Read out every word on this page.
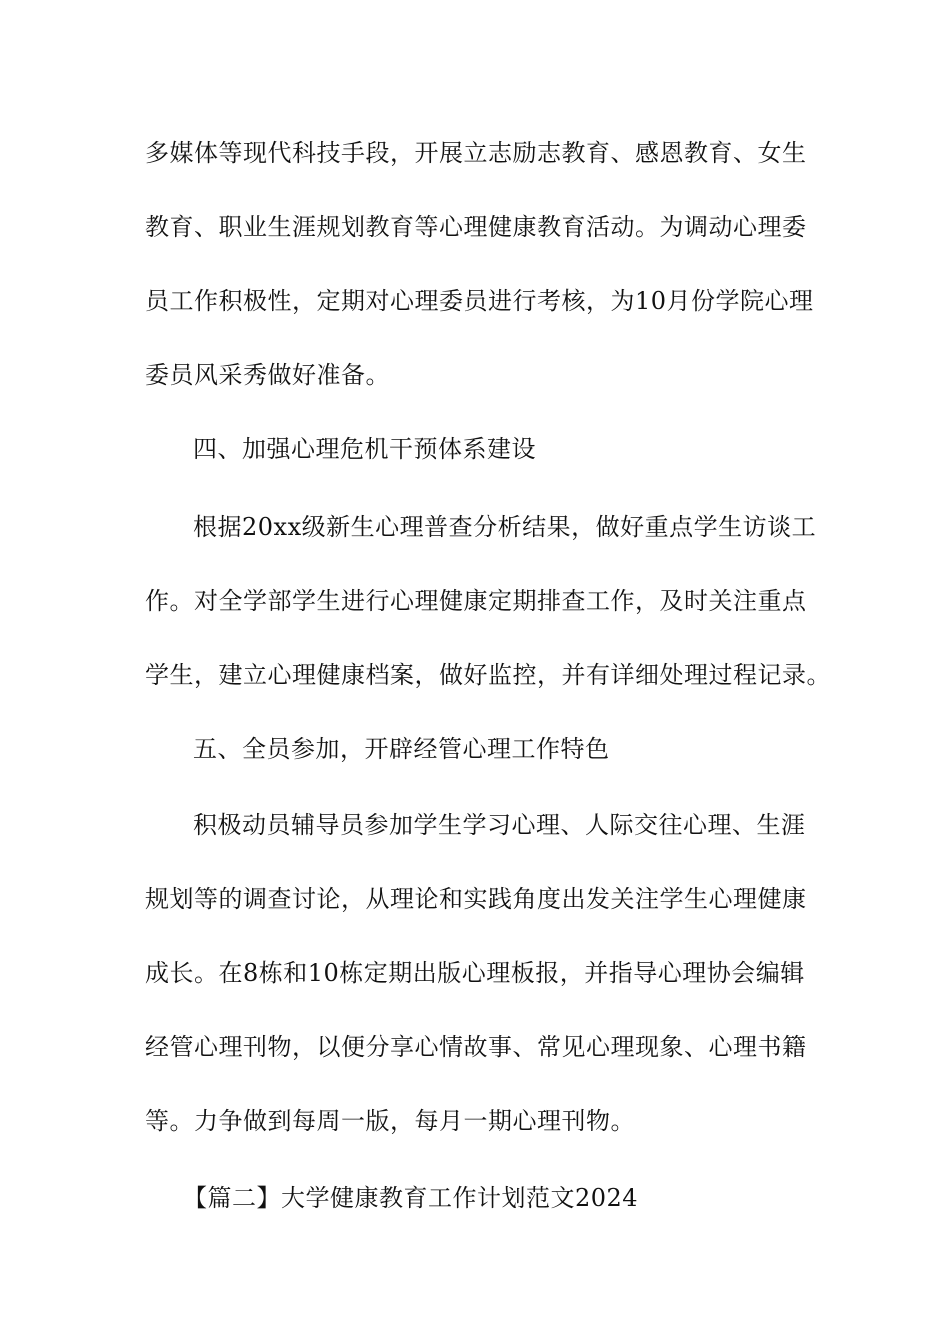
多媒体等现代科技手段，开展立志励志教育、感恩教育、女生
教育、职业生涯规划教育等心理健康教育活动。为调动心理委
员工作积极性，定期对心理委员进行考核，为10月份学院心理
委员风采秀做好准备。
四、加强心理危机干预体系建设
根据20xx级新生心理普查分析结果，做好重点学生访谈工
作。对全学部学生进行心理健康定期排查工作，及时关注重点
学生，建立心理健康档案，做好监控，并有详细处理过程记录。
五、全员参加，开辟经管心理工作特色
积极动员辅导员参加学生学习心理、人际交往心理、生涯
规划等的调查讨论，从理论和实践角度出发关注学生心理健康
成长。在8栋和10栋定期出版心理板报，并指导心理协会编辑
经管心理刊物，以便分享心情故事、常见心理现象、心理书籍
等。力争做到每周一版，每月一期心理刊物。
【篇二】大学健康教育工作计划范文2024
